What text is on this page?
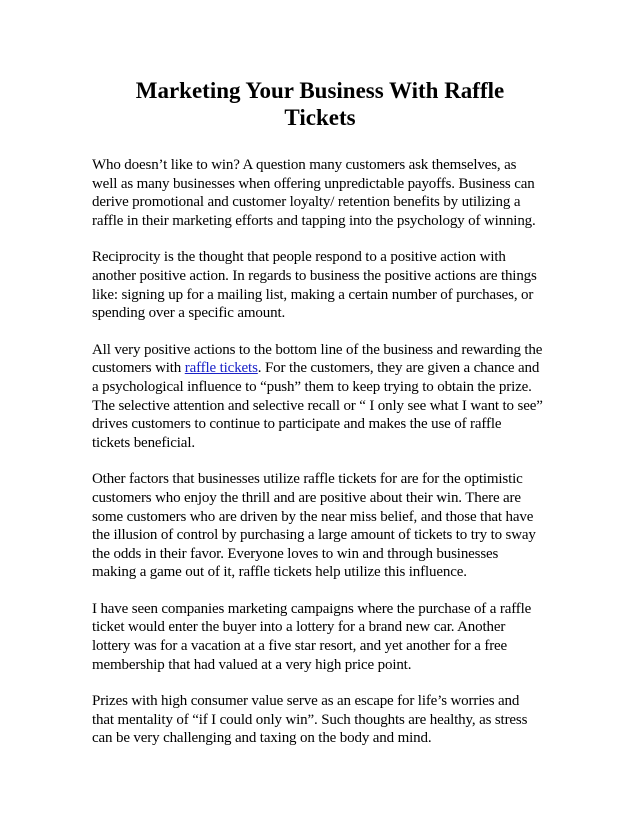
Marketing Your Business With Raffle
Tickets

Who doesn’t like to win? A question many customers ask themselves, as
well as many businesses when offering unpredictable payoffs. Business can
derive promotional and customer loyalty/ retention benefits by utilizing a
raffle in their marketing efforts and tapping into the psychology of winning.

Reciprocity is the thought that people respond to a positive action with
another positive action. In regards to business the positive actions are things
like: signing up for a mailing list, making a certain number of purchases, or
spending over a specific amount.

All very positive actions to the bottom line of the business and rewarding the
customers with raffle tickets. For the customers, they are given a chance and
a psychological influence to “push” them to keep trying to obtain the prize.
The selective attention and selective recall or “ I only see what I want to see”
drives customers to continue to participate and makes the use of raffle
tickets beneficial.

Other factors that businesses utilize raffle tickets for are for the optimistic
customers who enjoy the thrill and are positive about their win. There are
some customers who are driven by the near miss belief, and those that have
the illusion of control by purchasing a large amount of tickets to try to sway
the odds in their favor. Everyone loves to win and through businesses
making a game out of it, raffle tickets help utilize this influence.

I have seen companies marketing campaigns where the purchase of a raffle
ticket would enter the buyer into a lottery for a brand new car. Another
lottery was for a vacation at a five star resort, and yet another for a free
membership that had valued at a very high price point.

Prizes with high consumer value serve as an escape for life’s worries and
that mentality of “if I could only win”. Such thoughts are healthy, as stress
can be very challenging and taxing on the body and mind.
